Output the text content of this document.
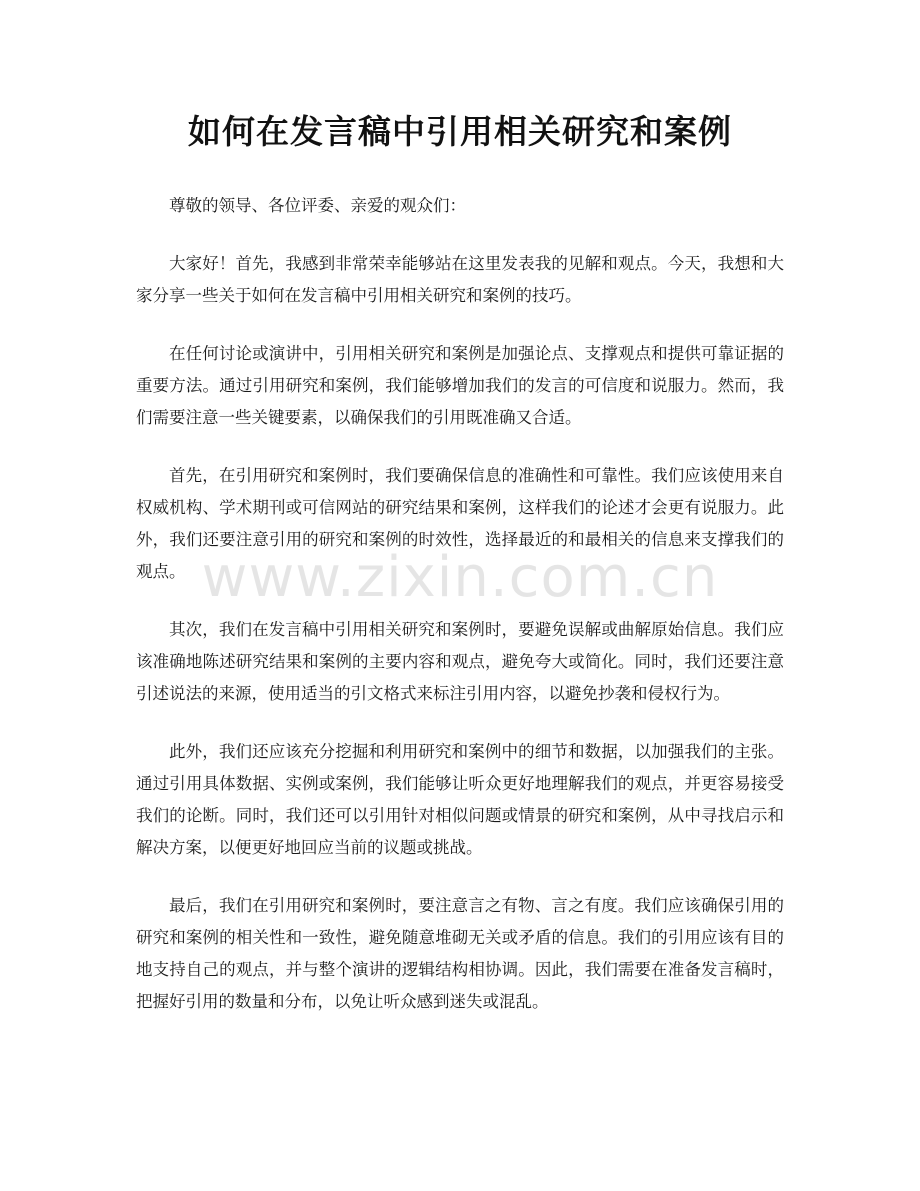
如何在发言稿中引用相关研究和案例

尊敬的领导、各位评委、亲爱的观众们：

大家好！首先，我感到非常荣幸能够站在这里发表我的见解和观点。今天，我想和大家分享一些关于如何在发言稿中引用相关研究和案例的技巧。

在任何讨论或演讲中，引用相关研究和案例是加强论点、支撑观点和提供可靠证据的重要方法。通过引用研究和案例，我们能够增加我们的发言的可信度和说服力。然而，我们需要注意一些关键要素，以确保我们的引用既准确又合适。

首先，在引用研究和案例时，我们要确保信息的准确性和可靠性。我们应该使用来自权威机构、学术期刊或可信网站的研究结果和案例，这样我们的论述才会更有说服力。此外，我们还要注意引用的研究和案例的时效性，选择最近的和最相关的信息来支撑我们的观点。

其次，我们在发言稿中引用相关研究和案例时，要避免误解或曲解原始信息。我们应该准确地陈述研究结果和案例的主要内容和观点，避免夸大或简化。同时，我们还要注意引述说法的来源，使用适当的引文格式来标注引用内容，以避免抄袭和侵权行为。

此外，我们还应该充分挖掘和利用研究和案例中的细节和数据，以加强我们的主张。通过引用具体数据、实例或案例，我们能够让听众更好地理解我们的观点，并更容易接受我们的论断。同时，我们还可以引用针对相似问题或情景的研究和案例，从中寻找启示和解决方案，以便更好地回应当前的议题或挑战。

最后，我们在引用研究和案例时，要注意言之有物、言之有度。我们应该确保引用的研究和案例的相关性和一致性，避免随意堆砌无关或矛盾的信息。我们的引用应该有目的地支持自己的观点，并与整个演讲的逻辑结构相协调。因此，我们需要在准备发言稿时，把握好引用的数量和分布，以免让听众感到迷失或混乱。
